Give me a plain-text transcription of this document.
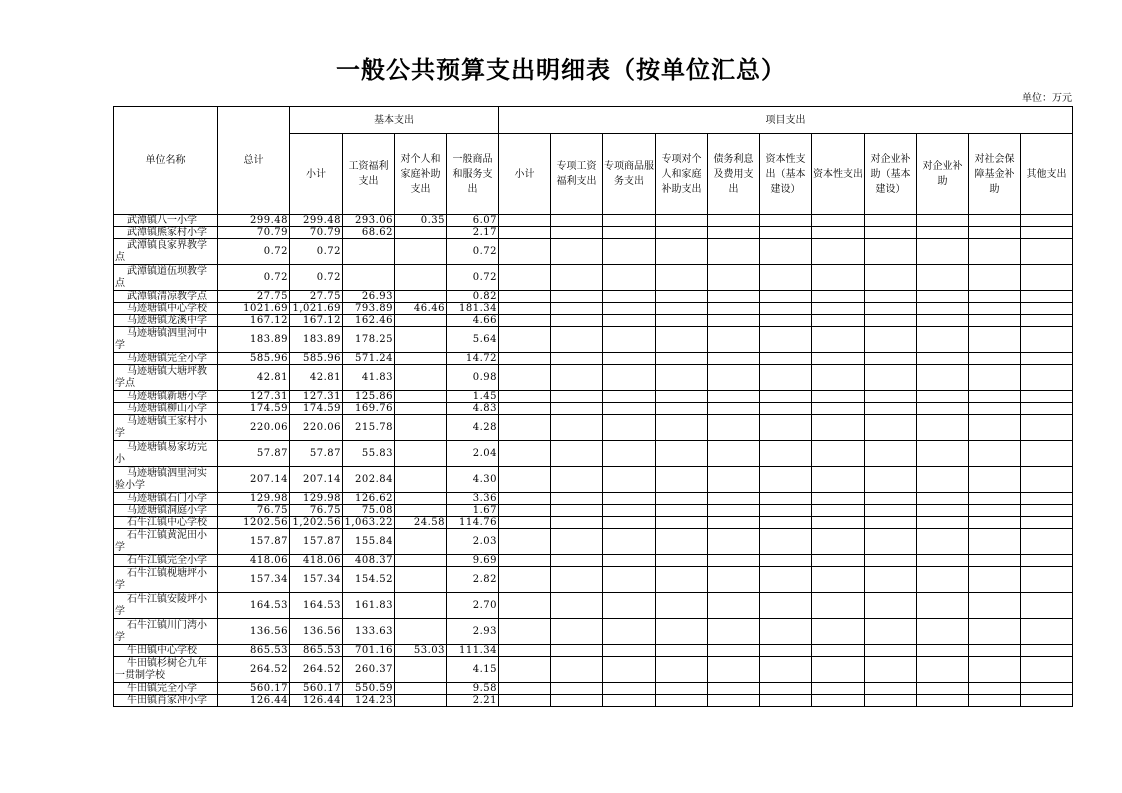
一般公共预算支出明细表（按单位汇总）
单位：万元
单位名称	总计	基本支出				项目支出										
		小计	工资福利支出	对个人和家庭补助支出	一般商品和服务支出	小计	专项工资福利支出	专项商品服务支出	专项对个人和家庭补助支出	债务利息及费用支出	资本性支出（基本建设）	资本性支出	对企业补助（基本建设）	对企业补助	对社会保障基金补助	其他支出
武潭镇八一小学	299.48	299.48	293.06	0.35	6.07											
武潭镇熊家村小学	70.79	70.79	68.62		2.17											
武潭镇良家界教学点	0.72	0.72			0.72											
武潭镇道伍坝教学点	0.72	0.72			0.72											
武潭镇清凉教学点	27.75	27.75	26.93		0.82											
马迹塘镇中心学校	1021.69	1,021.69	793.89	46.46	181.34											
马迹塘镇龙溪中学	167.12	167.12	162.46		4.66											
马迹塘镇泗里河中学	183.89	183.89	178.25		5.64											
马迹塘镇完全小学	585.96	585.96	571.24		14.72											
马迹塘镇大塘坪教学点	42.81	42.81	41.83		0.98											
马迹塘镇新塘小学	127.31	127.31	125.86		1.45											
马迹塘镇柳山小学	174.59	174.59	169.76		4.83											
马迹塘镇王家村小学	220.06	220.06	215.78		4.28											
马迹塘镇易家坊完小	57.87	57.87	55.83		2.04											
马迹塘镇泗里河实验小学	207.14	207.14	202.84		4.30											
马迹塘镇石门小学	129.98	129.98	126.62		3.36											
马迹塘镇洞庭小学	76.75	76.75	75.08		1.67											
石牛江镇中心学校	1202.56	1,202.56	1,063.22	24.58	114.76											
石牛江镇黄泥田小学	157.87	157.87	155.84		2.03											
石牛江镇完全小学	418.06	418.06	408.37		9.69											
石牛江镇枧塘坪小学	157.34	157.34	154.52		2.82											
石牛江镇安陵坪小学	164.53	164.53	161.83		2.70											
石牛江镇川门湾小学	136.56	136.56	133.63		2.93											
牛田镇中心学校	865.53	865.53	701.16	53.03	111.34											
牛田镇杉树仑九年一贯制学校	264.52	264.52	260.37		4.15											
牛田镇完全小学	560.17	560.17	550.59		9.58											
牛田镇肖家冲小学	126.44	126.44	124.23		2.21											
